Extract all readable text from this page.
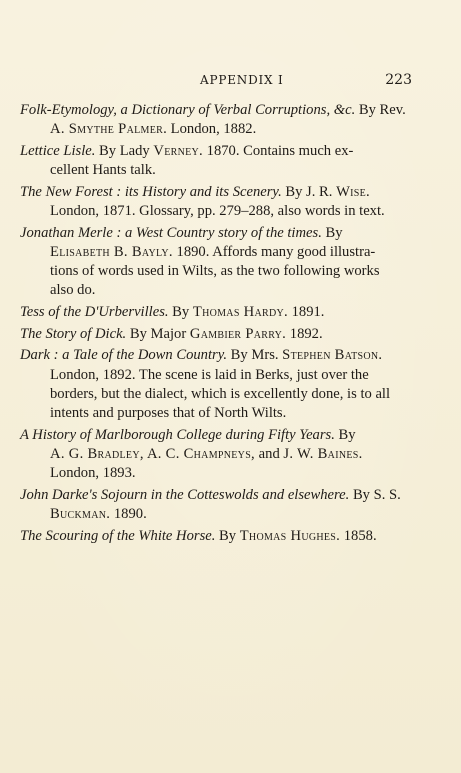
APPENDIX I	223
Folk-Etymology, a Dictionary of Verbal Corruptions, &c. By Rev.
A. Smythe Palmer. London, 1882.
Lettice Lisle. By Lady Verney. 1870. Contains much ex-
cellent Hants talk.
The New Forest : its History and its Scenery. By J. R. Wise.
London, 1871. Glossary, pp. 279–288, also words in text.
Jonathan Merle : a West Country story of the times. By
Elisabeth B. Bayly. 1890. Affords many good illustra-
tions of words used in Wilts, as the two following works
also do.
Tess of the D'Urbervilles. By Thomas Hardy. 1891.
The Story of Dick. By Major Gambier Parry. 1892.
Dark : a Tale of the Down Country. By Mrs. Stephen Batson.
London, 1892. The scene is laid in Berks, just over the
borders, but the dialect, which is excellently done, is to all
intents and purposes that of North Wilts.
A History of Marlborough College during Fifty Years. By
A. G. Bradley, A. C. Champneys, and J. W. Baines.
London, 1893.
John Darke's Sojourn in the Cotteswolds and elsewhere. By S. S.
Buckman. 1890.
The Scouring of the White Horse. By Thomas Hughes. 1858.
